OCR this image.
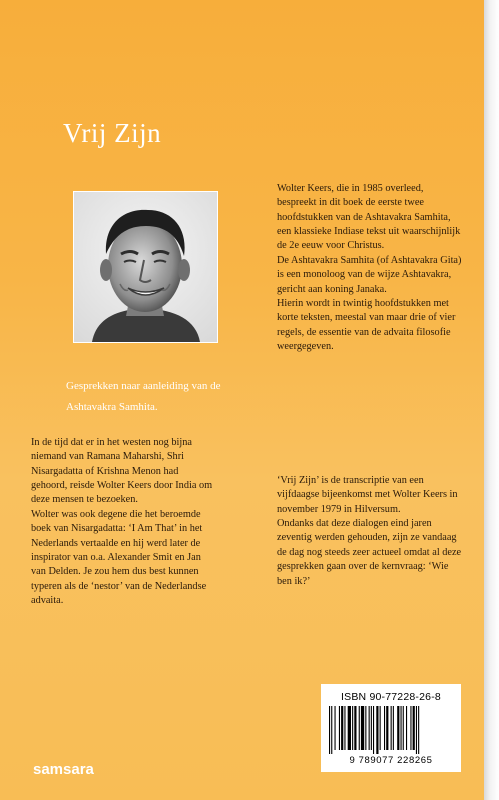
Vrij Zijn

Gesprekken naar aanleiding van de Ashtavakra Samhita.

In de tijd dat er in het westen nog bijna niemand van Ramana Maharshi, Shri Nisargadatta of Krishna Menon had gehoord, reisde Wolter Keers door India om deze mensen te bezoeken.

Wolter was ook degene die het beroemde boek van Nisargadatta: ‘I Am That’ in het Nederlands vertaalde en hij werd later de inspirator van o.a. Alexander Smit en Jan van Delden. Je zou hem dus best kunnen typeren als de ‘nestor’ van de Nederlandse advaita.

Wolter Keers, die in 1985 overleed, bespreekt in dit boek de eerste twee hoofdstukken van de Ashtavakra Samhita, een klassieke Indiase tekst uit waarschijnlijk de 2e eeuw voor Christus.

De Ashtavakra Samhita (of Ashtavakra Gita) is een monoloog van de wijze Ashtavakra, gericht aan koning Janaka.

Hierin wordt in twintig hoofdstukken met korte teksten, meestal van maar drie of vier regels, de essentie van de advaita filosofie weergegeven.

‘Vrij Zijn’ is de transcriptie van een vijfdaagse bijeenkomst met Wolter Keers in november 1979 in Hilversum.

Ondanks dat deze dialogen eind jaren zeventig werden gehouden, zijn ze vandaag de dag nog steeds zeer actueel omdat al deze gesprekken gaan over de kernvraag: ‘Wie ben ik?’

ISBN 90-77228-26-8
9 789077 228265

samsara
